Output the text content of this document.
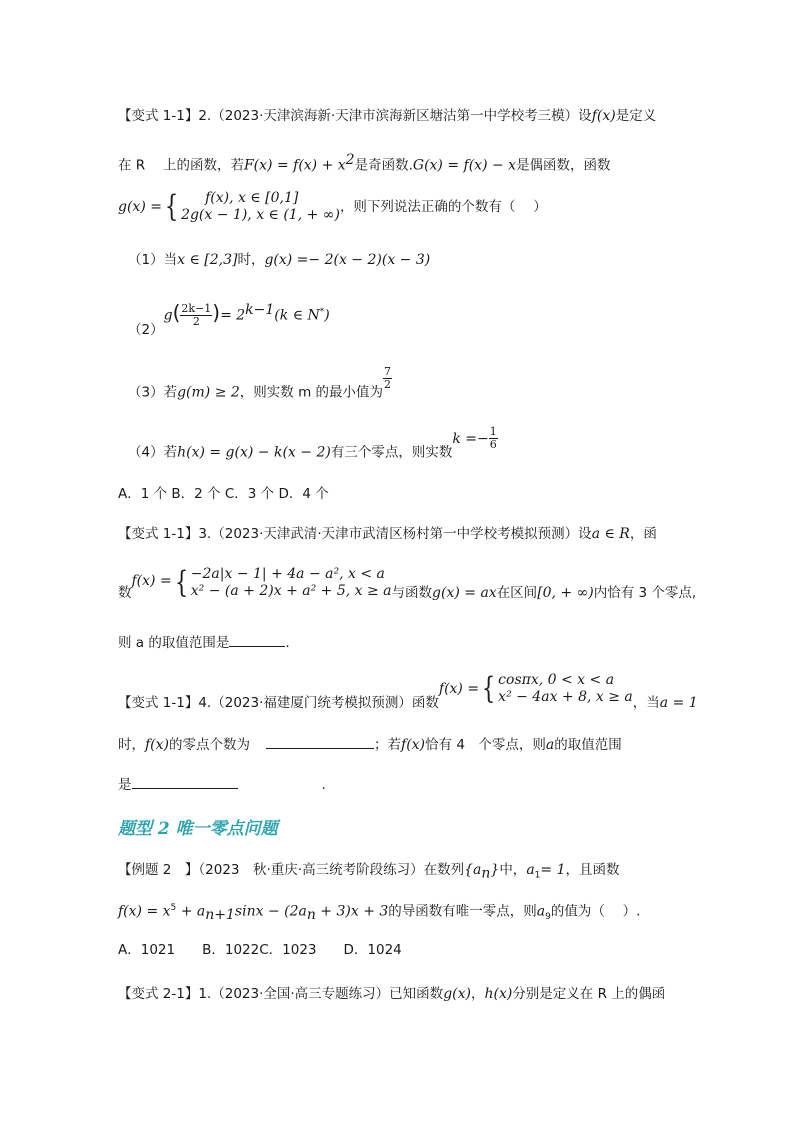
【变式 1-1】2.（2023·天津滨海新·天津市滨海新区塘沽第一中学校考三模）设f(x)是定义
在 R　 上的函数，若$F(x) = f(x) + x^2$是奇函数.G(x) = f(x) − x是偶函数，函数
g(x) ={ f(x), x ∈ [0,1]
2g(x − 1), x ∈ (1, + ∞)，则下列说法正确的个数有（　 ）
（1）当x ∈ [2,3]时，g(x) =− 2(x − 2)(x − 3)
$(2)g( \frac{2k-1}{2}$ )= $2^{k-1}(k$ ∈ N*)
（3）若g(m) ≥ 2，则实数 m 的最小值为
$\frac{7}{2}$
（4）若h(x) = g(x) − k(x − 2)有三个零点，则实数$k =- \frac{1}{6}$
A．1 个 B．2 个 C．3 个 D．4 个
【变式 1-1】3.（2023·天津武清·天津市武清区杨村第一中学校考模拟预测）设a ∈ R，函
数f(x) ={ −2a|x − 1| + 4a − a², x < a
x² − (a + 2)x + a² + 5, x ≥ a与函数g(x) = ax在区间[0, + ∞)内恰有 3 个零点,
则 a 的取值范围是	.
【变式 1-1】4.（2023·福建厦门统考模拟预测）函数f(x) ={ cosπx, 0 < x < a
x² − 4ax + 8, x ≥ a，当a = 1
时，f(x)的零点个数为	；若f(x)恰有 4　个零点，则a的取值范围
是	.
题型 2 唯一零点问题
【例题 2　】（2023　秋·重庆·高三统考阶段练习）在数列$\{a_n\}$中，$a_1= 1$，且函数
$f(x) = x^5 + a_{n+1}\sin x - (2a_n + 3)x + 3$的导函数有唯一零点，则$a_9$的值为（　 ）.
A．1021　　B．1022C．1023　　D．1024
【变式 2-1】1.（2023·全国·高三专题练习）已知函数g(x)，h(x)分别是定义在 R 上的偶函
